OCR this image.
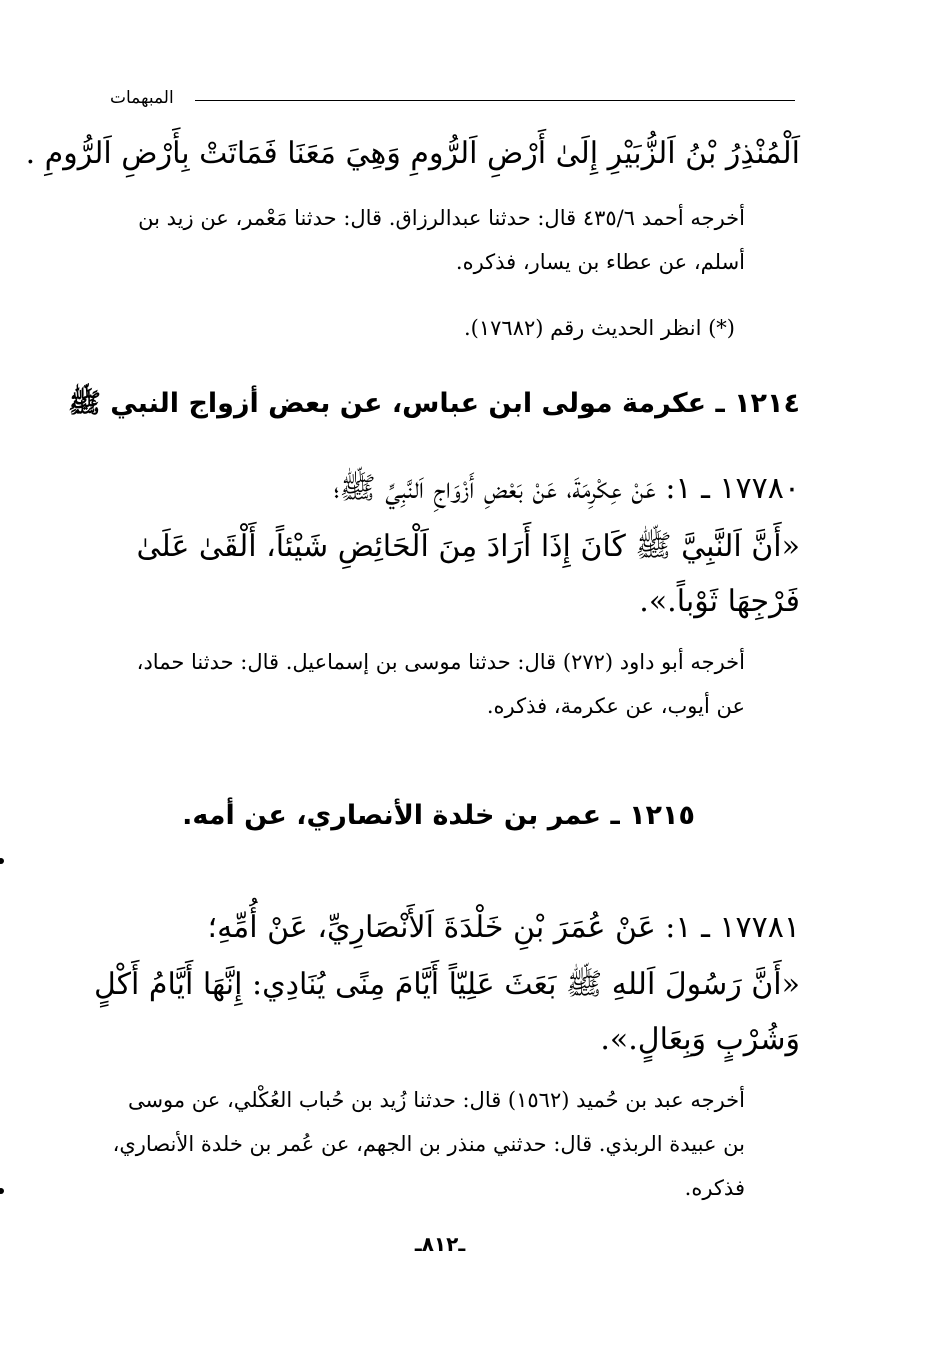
المبهمات
اَلْمُنْذِرُ بْنُ اَلزُّبَيْرِ إِلَىٰ أَرْضِ اَلرُّومِ وَهِيَ مَعَنَا فَمَاتَتْ بِأَرْضِ اَلرُّومِ .
أخرجه أحمد ٤٣٥/٦ قال: حدثنا عبدالرزاق. قال: حدثنا مَعْمر، عن زيد بن أسلم، عن عطاء بن يسار، فذكره.
(*) انظر الحديث رقم (١٧٦٨٢).
١٢١٤ ـ عكرمة مولى ابن عباس، عن بعض أزواج النبي ﷺ
١٧٧٨٠ ـ ١: عَنْ عِكْرِمَةَ، عَنْ بَعْضِ أَزْوَاجِ اَلنَّبِيِّ ﷺ؛
«أَنَّ اَلنَّبِيَّ ﷺ كَانَ إِذَا أَرَادَ مِنَ اَلْحَائِضِ شَيْئاً، أَلْقَىٰ عَلَىٰ
فَرْجِهَا ثَوْباً.».
أخرجه أبو داود (٢٧٢) قال: حدثنا موسى بن إسماعيل. قال: حدثنا حماد، عن أيوب، عن عكرمة، فذكره.
١٢١٥ ـ عمر بن خلدة الأنصاري، عن أمه.
١٧٧٨١ ـ ١: عَنْ عُمَرَ بْنِ خَلْدَةَ اَلأَنْصَارِيِّ، عَنْ أُمِّهِ؛
«أَنَّ رَسُولَ اَللهِ ﷺ بَعَثَ عَلِيّاً أَيَّامَ مِنًى يُنَادِي: إِنَّهَا أَيَّامُ أَكْلٍ
وَشُرْبٍ وَبِعَالٍ.».
أخرجه عبد بن حُميد (١٥٦٢) قال: حدثنا زُيد بن حُباب العُكْلي، عن موسى بن عبيدة الربذي. قال: حدثني منذر بن الجهم، عن عُمر بن خلدة الأنصاري، فذكره.
ـ٨١٢ـ
